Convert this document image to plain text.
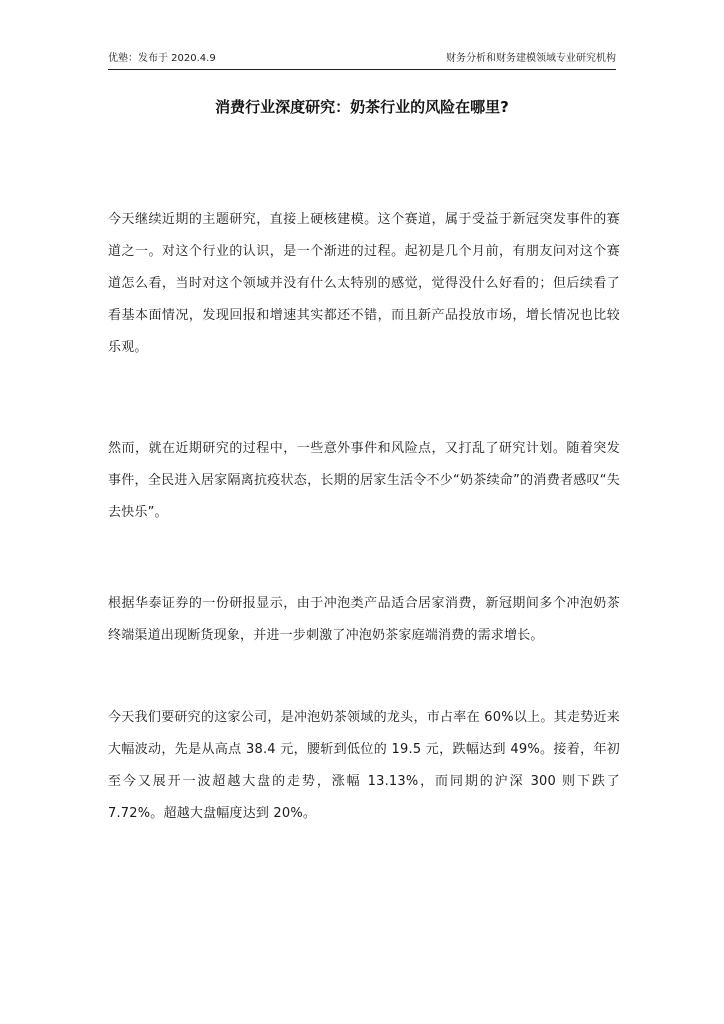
优塾：发布于 2020.4.9	财务分析和财务建模领域专业研究机构
消费行业深度研究：奶茶行业的风险在哪里?

今天继续近期的主题研究，直接上硬核建模。这个赛道，属于受益于新冠突发事件的赛道之一。对这个行业的认识，是一个渐进的过程。起初是几个月前，有朋友问对这个赛道怎么看，当时对这个领域并没有什么太特别的感觉，觉得没什么好看的；但后续看了看基本面情况，发现回报和增速其实都还不错，而且新产品投放市场，增长情况也比较乐观。

然而，就在近期研究的过程中，一些意外事件和风险点，又打乱了研究计划。随着突发事件，全民进入居家隔离抗疫状态，长期的居家生活令不少“奶茶续命”的消费者感叹“失去快乐”。

根据华泰证券的一份研报显示，由于冲泡类产品适合居家消费，新冠期间多个冲泡奶茶终端渠道出现断货现象，并进一步刺激了冲泡奶茶家庭端消费的需求增长。

今天我们要研究的这家公司，是冲泡奶茶领域的龙头，市占率在 60%以上。其走势近来大幅波动，先是从高点 38.4 元，腰斩到低位的 19.5 元，跌幅达到 49%。接着，年初至今又展开一波超越大盘的走势，涨幅 13.13%，而同期的沪深 300 则下跌了 7.72%。超越大盘幅度达到 20%。
